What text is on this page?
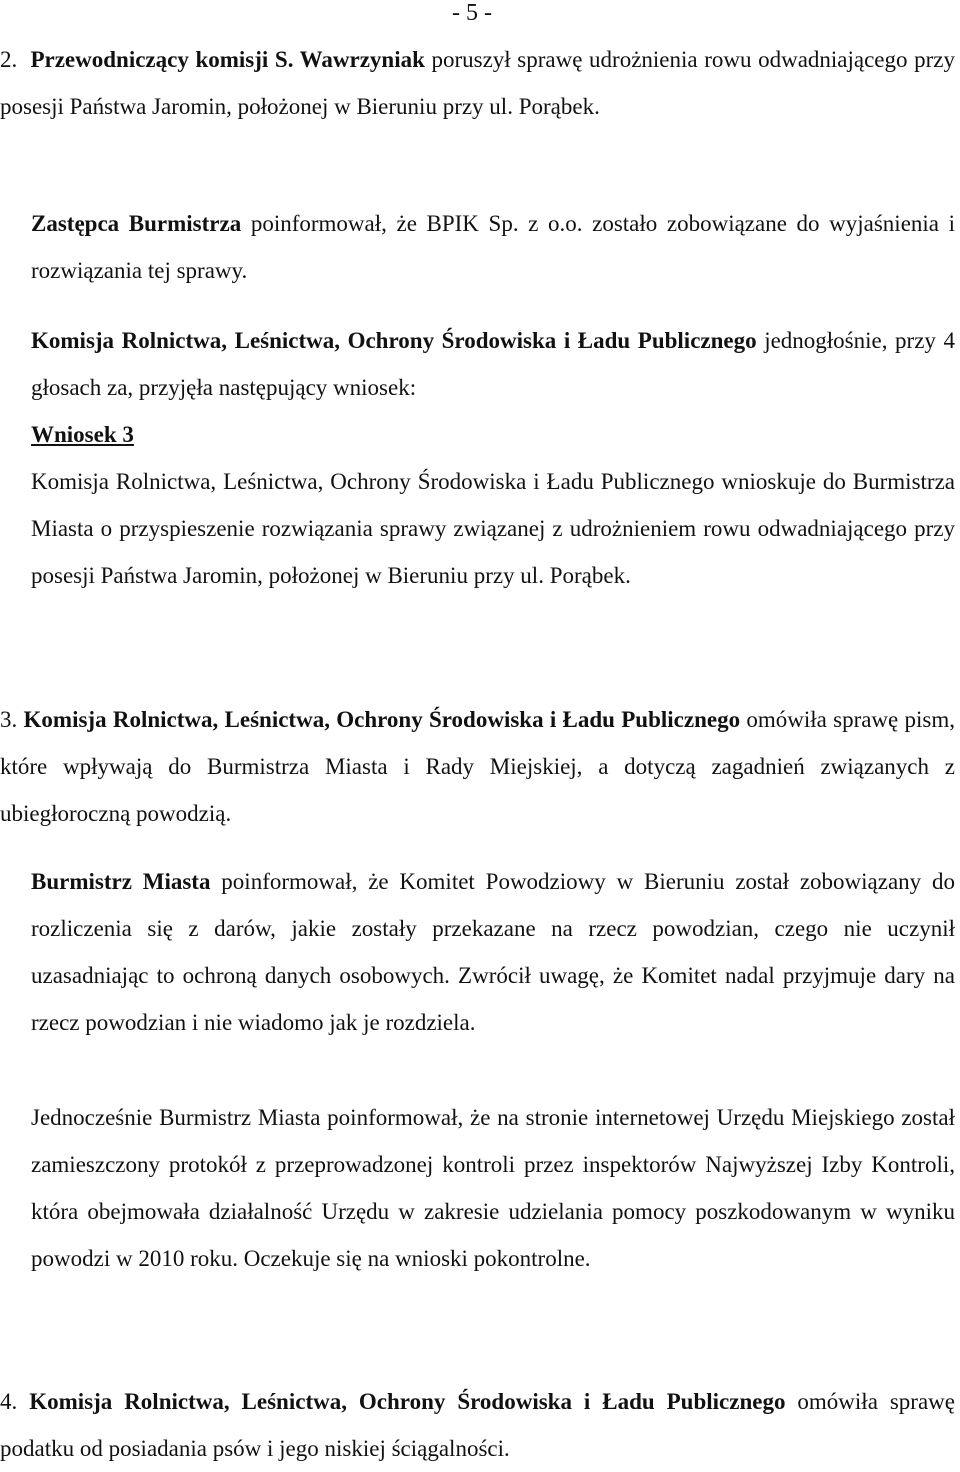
- 5 -

2. Przewodniczący komisji S. Wawrzyniak poruszył sprawę udrożnienia rowu odwadniającego przy posesji Państwa Jaromin, położonej w Bieruniu przy ul. Porąbek.

Zastępca Burmistrza poinformował, że BPIK Sp. z o.o. zostało zobowiązane do wyjaśnienia i rozwiązania tej sprawy.

Komisja Rolnictwa, Leśnictwa, Ochrony Środowiska i Ładu Publicznego jednogłośnie, przy 4 głosach za, przyjęła następujący wniosek:

Wniosek 3

Komisja Rolnictwa, Leśnictwa, Ochrony Środowiska i Ładu Publicznego wnioskuje do Burmistrza Miasta o przyspieszenie rozwiązania sprawy związanej z udrożnieniem rowu odwadniającego przy posesji Państwa Jaromin, położonej w Bieruniu przy ul. Porąbek.

3. Komisja Rolnictwa, Leśnictwa, Ochrony Środowiska i Ładu Publicznego omówiła sprawę pism, które wpływają do Burmistrza Miasta i Rady Miejskiej, a dotyczą zagadnień związanych z ubiegłoroczną powodzią.

Burmistrz Miasta poinformował, że Komitet Powodziowy w Bieruniu został zobowiązany do rozliczenia się z darów, jakie zostały przekazane na rzecz powodzian, czego nie uczynił uzasadniając to ochroną danych osobowych. Zwrócił uwagę, że Komitet nadal przyjmuje dary na rzecz powodzian i nie wiadomo jak je rozdziela.

Jednocześnie Burmistrz Miasta poinformował, że na stronie internetowej Urzędu Miejskiego został zamieszczony protokół z przeprowadzonej kontroli przez inspektorów Najwyższej Izby Kontroli, która obejmowała działalność Urzędu w zakresie udzielania pomocy poszkodowanym w wyniku powodzi w 2010 roku. Oczekuje się na wnioski pokontrolne.

4. Komisja Rolnictwa, Leśnictwa, Ochrony Środowiska i Ładu Publicznego omówiła sprawę podatku od posiadania psów i jego niskiej ściągalności.
